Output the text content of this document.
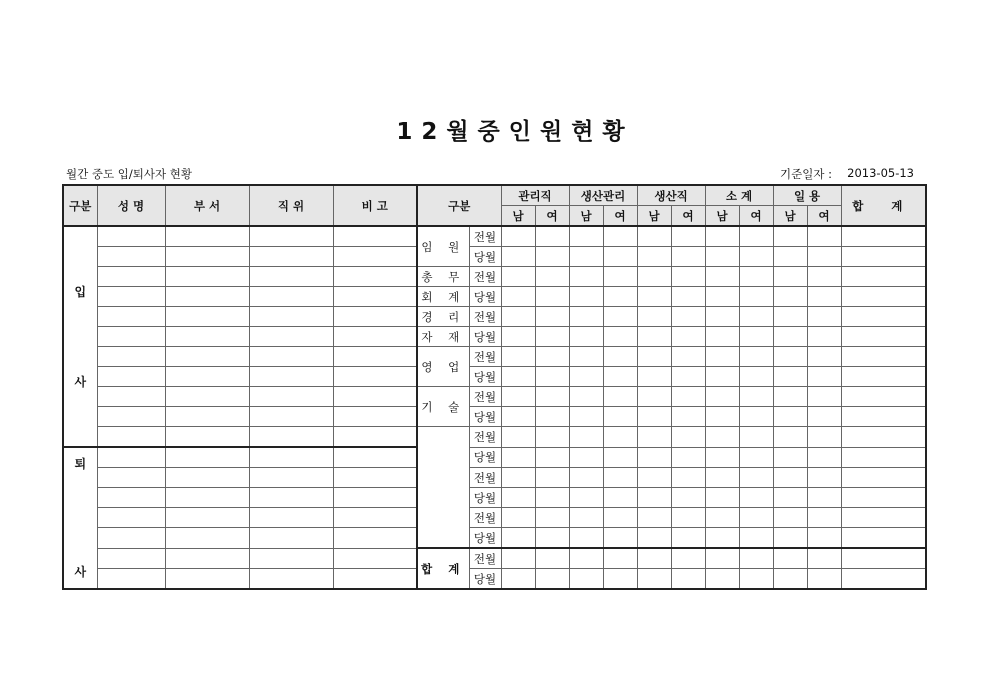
12월중인원현황
월간 중도 입/퇴사자 현황	기준일자 : 2013-05-13
구분	성 명	부 서	직 위	비 고	구분		관리직		생산관리		생산직		소 계		일 용		합 계
							남	여	남	여	남	여	남	여	남	여	
입

사					임 원	전월											
						당월											
					총 무	전월											
					회 계	당월											
					경 리	전월											
					자 재	당월											
					영 업	전월											
						당월											
					기 술	전월											
						당월											
						전월											
퇴

사						당월											
						전월											
						당월											
						전월											
						당월											
					합 계	전월											
						당월											
